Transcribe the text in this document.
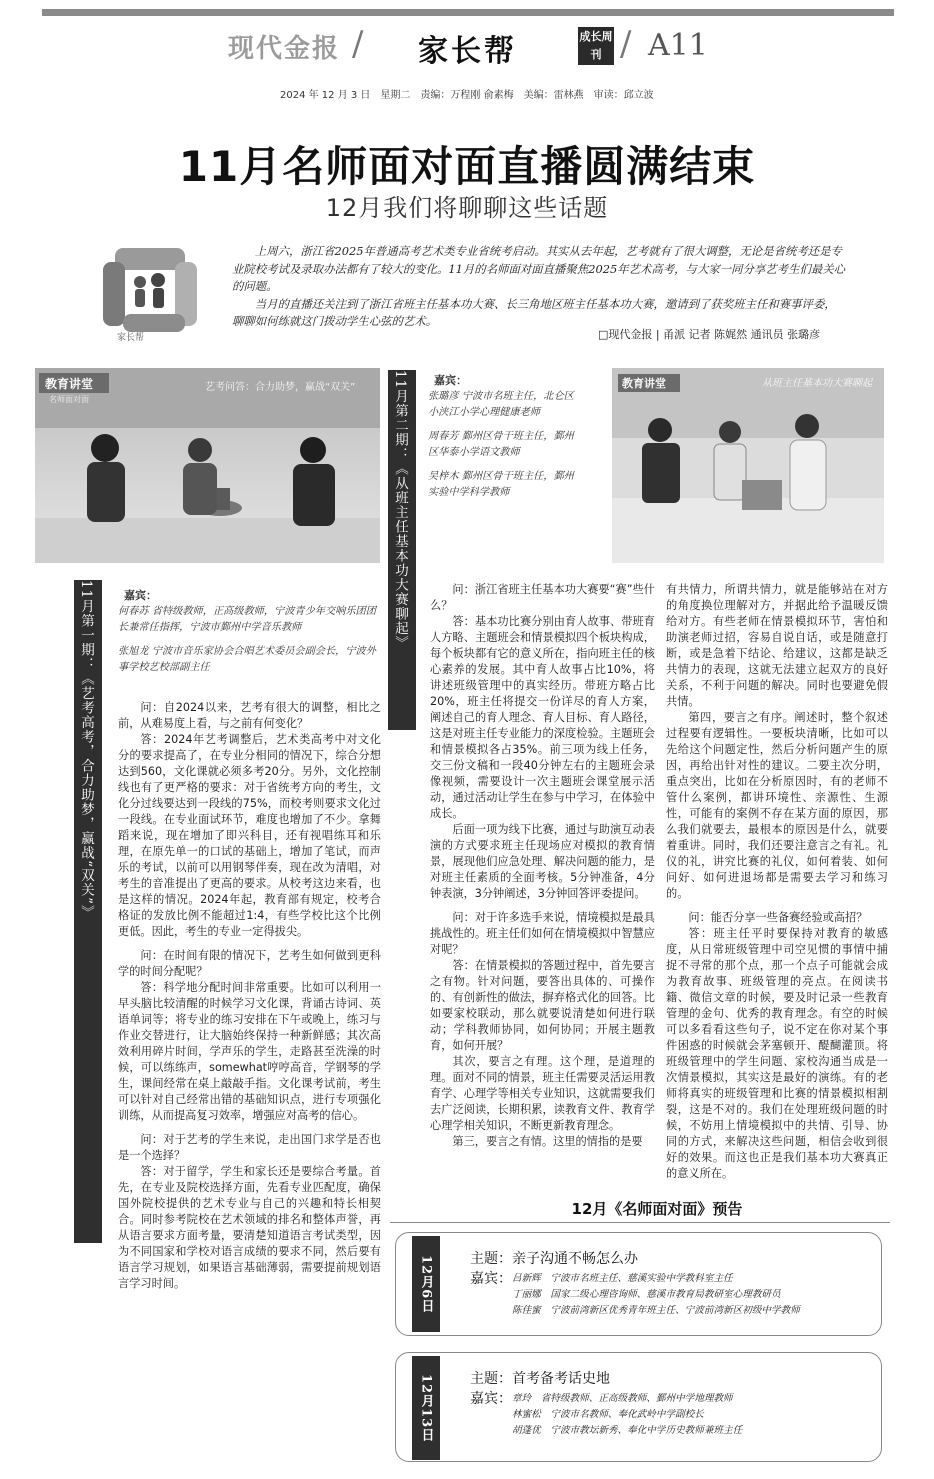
现代金报 / 家长帮	成长周刊 / A11
2024 年 12 月 3 日　星期二　责编：万程刚 俞素梅　美编：雷林燕　审读：邱立波
11月名师面对面直播圆满结束
12月我们将聊聊这些话题
家长帮

上周六，浙江省2025年普通高考艺术类专业省统考启动。其实从去年起，艺考就有了很大调整，无论是省统考还是专业院校考试及录取办法都有了较大的变化。11月的名师面对面直播聚焦2025年艺术高考，与大家一同分享艺考生们最关心的问题。

当月的直播还关注到了浙江省班主任基本功大赛、长三角地区班主任基本功大赛，邀请到了获奖班主任和赛事评委，聊聊如何练就这门拨动学生心弦的艺术。

□现代金报 | 甬派 记者 陈娓然 通讯员 张璐彦
教育讲堂
名师面对面
艺考问答：合力助梦，赢战“双关”	教育讲堂	从班主任基本功大赛聊起
11月第一期：《艺考高考，合力助梦，赢战“双关”》
11月第二期：《从班主任基本功大赛聊起》
嘉宾：

何春苏 省特级教师，正高级教师，宁波青少年交响乐团团长兼常任指挥，宁波市鄞州中学音乐教师

张旭龙 宁波市音乐家协会合唱艺术委员会副会长，宁波外事学校艺校部副主任

嘉宾：

张璐彦 宁波市名班主任，北仑区小浃江小学心理健康老师

周春芳 鄞州区骨干班主任，鄞州区华泰小学语文教师

吴梓木 鄞州区骨干班主任，鄞州实验中学科学教师

问：自2024以来，艺考有很大的调整，相比之前，从难易度上看，与之前有何变化？

答：2024年艺考调整后，艺术类高考中对文化分的要求提高了，在专业分相同的情况下，综合分想达到560，文化课就必须多考20分。另外，文化控制线也有了更严格的要求：对于省统考方向的考生，文化分过线要达到一段线的75%，而校考则要求文化过一段线。在专业面试环节，难度也增加了不少。拿舞蹈来说，现在增加了即兴科目，还有视唱练耳和乐理，在原先单一的口试的基础上，增加了笔试，而声乐的考试，以前可以用钢琴伴奏，现在改为清唱，对考生的音准提出了更高的要求。从校考这边来看，也是这样的情况。2024年起，教育部有规定，校考合格证的发放比例不能超过1:4，有些学校比这个比例更低。因此，考生的专业一定得拔尖。

问：在时间有限的情况下，艺考生如何做到更科学的时间分配呢？

答：科学地分配时间非常重要。比如可以利用一早头脑比较清醒的时候学习文化课，背诵古诗词、英语单词等；将专业的练习安排在下午或晚上，练习与作业交替进行，让大脑始终保持一种新鲜感；其次高效利用碎片时间，学声乐的学生，走路甚至洗澡的时候，可以练练声，somewhat哼哼高音，学钢琴的学生，课间经常在桌上敲敲手指。文化课考试前，考生可以针对自己经常出错的基础知识点，进行专项强化训练，从而提高复习效率，增强应对高考的信心。

问：对于艺考的学生来说，走出国门求学是否也是一个选择？

答：对于留学，学生和家长还是要综合考量。首先，在专业及院校选择方面，先看专业匹配度，确保国外院校提供的艺术专业与自己的兴趣和特长相契合。同时参考院校在艺术领域的排名和整体声誉，再从语言要求方面考量，要清楚知道语言考试类型，因为不同国家和学校对语言成绩的要求不同，然后要有语言学习规划，如果语言基础薄弱，需要提前规划语言学习时间。

问：浙江省班主任基本功大赛要“赛”些什么？

答：基本功比赛分别由育人故事、带班育人方略、主题班会和情景模拟四个板块构成，每个板块都有它的意义所在，指向班主任的核心素养的发展。其中育人故事占比10%，将讲述班级管理中的真实经历。带班方略占比20%，班主任将提交一份详尽的育人方案，阐述自己的育人理念、育人目标、育人路径，这是对班主任专业能力的深度检验。主题班会和情景模拟各占35%。前三项为线上任务，交三份文稿和一段40分钟左右的主题班会录像视频，需要设计一次主题班会课堂展示活动，通过活动让学生在参与中学习，在体验中成长。

后面一项为线下比赛，通过与助演互动表演的方式要求班主任现场应对模拟的教育情景，展现他们应急处理、解决问题的能力，是对班主任素质的全面考核。5分钟准备，4分钟表演，3分钟阐述，3分钟回答评委提问。

问：对于许多选手来说，情境模拟是最具挑战性的。班主任们如何在情境模拟中智慧应对呢？

答：在情景模拟的答题过程中，首先要言之有物。针对问题，要答出具体的、可操作的、有创新性的做法，摒弃格式化的回答。比如要家校联动，那么就要说清楚如何进行联动；学科教师协同，如何协同；开展主题教育，如何开展？

其次，要言之有理。这个理，是道理的理。面对不同的情景，班主任需要灵活运用教育学、心理学等相关专业知识，这就需要我们去广泛阅读，长期积累，读教育文件、教育学心理学相关知识，不断更新教育理念。

第三，要言之有情。这里的情指的是要

有共情力，所谓共情力，就是能够站在对方的角度换位理解对方，并据此给予温暖反馈给对方。有些老师在情景模拟环节，害怕和助演老师过招，容易自说自话，或是随意打断，或是急着下结论、给建议，这都是缺乏共情力的表现，这就无法建立起双方的良好关系，不利于问题的解决。同时也要避免假共情。

第四，要言之有序。阐述时，整个叙述过程要有逻辑性。一要板块清晰，比如可以先给这个问题定性，然后分析问题产生的原因，再给出针对性的建议。二要主次分明，重点突出，比如在分析原因时，有的老师不管什么案例，都讲环境性、亲源性、生源性，可能有的案例不存在某方面的原因，那么我们就要去，最根本的原因是什么，就要着重讲。同时，我们还要注意言之有礼。礼仪的礼，讲究比赛的礼仪，如何着装、如何问好、如何进退场都是需要去学习和练习的。

问：能否分享一些备赛经验或高招？

答：班主任平时要保持对教育的敏感度，从日常班级管理中司空见惯的事情中捕捉不寻常的那个点，那一个点子可能就会成为教育故事、班级管理的亮点。在阅读书籍、微信文章的时候，要及时记录一些教育管理的金句、优秀的教育理念。有空的时候可以多看看这些句子，说不定在你对某个事件困惑的时候就会茅塞顿开、醍醐灌顶。将班级管理中的学生问题、家校沟通当成是一次情景模拟，其实这是最好的演练。有的老师将真实的班级管理和比赛的情景模拟相割裂，这是不对的。我们在处理班级问题的时候，不妨用上情境模拟中的共情、引导、协同的方式，来解决这些问题，相信会收到很好的效果。而这也正是我们基本功大赛真正的意义所在。

12月《名师面对面》预告
12月6日	主题：亲子沟通不畅怎么办
嘉宾： 吕新辉　宁波市名班主任、慈溪实验中学教科室主任
丁丽娜　国家二级心理咨询师、慈溪市教育局教研室心理教研员
陈佳蜜　宁波前湾新区优秀青年班主任、宁波前湾新区初级中学教师
12月13日	主题：首考备考话史地
嘉宾： 章玲　省特级教师、正高级教师、鄞州中学地理教师
林蜜松　宁波市名教师、奉化武岭中学副校长
胡蓬优　宁波市教坛新秀、奉化中学历史教师兼班主任
